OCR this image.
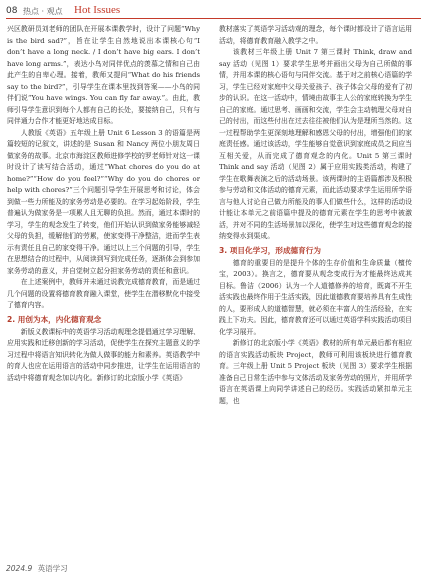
08 热点 · 观点 Hot Issues

兴区教研员刘老师的团队在开展本课教学时，设计了问题“Why is the bird sad?”，旨在让学生自然地说出本课核心句“I don’t have a long neck. / I don’t have big ears. I don’t have long arms.”，表达小鸟对同伴优点的羡慕之情和自己由此产生的自卑心理。接着，教师又提问“What do his friends say to the bird?”，引导学生在课本里找到答案——小鸟的同伴们说“You have wings. You can fly far away.”。由此，教师引导学生意识到每个人都有自己的长处，要接纳自己，只有与同伴通力合作才能更好地达成目标。

人教版《英语》五年级上册 Unit 6 Lesson 3 的语篇是两篇较短的记叙文，讲述的是 Susan 和 Nancy 两位小朋友周日做家务的故事。北京市海淀区教师进修学校的罗老师针对这一课时设计了读写结合活动，通过“What chores do you do at home?”“How do you feel?”“Why do you do chores or help with chores?”三个问题引导学生开展思考和讨论，体会到做一些力所能及的家务劳动是必要的。在学习起始阶段，学生普遍认为做家务是一项累人且无聊的负担。然而，通过本课时的学习，学生的观念发生了转变，他们开始认识到做家务能够减轻父母的负担，缓解他们的劳累，使家变得干净整洁，进而学生表示有责任且自己的家变得干净。通过以上三个问题的引导，学生在思想结合的过程中，从阅读到写到完成任务，逐渐体会到参加家务劳动的意义，并自觉树立起分担家务劳动的责任和意识。

在上述案例中，教师并未通过说教完成德育教育，而是通过几个问题的设置将德育教育融入课堂，使学生在潜移默化中接受了德育内容。

2. 用创为本，内化德育观念

新版义教课标中的英语学习活动观理念提倡通过学习理解、应用实践和迁移创新的学习活动，促使学生在探究主题意义的学习过程中将语言知识转化为做人做事的能力和素养。英语教学中的育人也应在运用语言的活动中同步推进，让学生在运用语言的活动中将德育观念加以内化。新修订的北京版小学《英语》

教材落实了英语学习活动观的理念，每个课时都设计了语言运用活动，将德育教育融入教学之中。

该教材三年级上册 Unit 7 第三课时 Think, draw and say 活动（见图 1）要求学生思考并画出父母为自己所做的事情，并用本课的核心语句与同伴交流。基于对之前核心语篇的学习，学生已经对家庭中父母关爱孩子、孩子体会父母的爱有了初步的认识。在这一活动中，情境由故事主人公的家庭转换为学生自己的家庭。通过思考、画画和交流，学生会主动梳理父母对自己的付出，而这些付出在过去往往被他们认为是理所当然的。这一过程帮助学生更深刻地理解和感恩父母的付出，增强他们的家庭责任感。通过该活动，学生能够自觉意识到家庭成员之间应当互相关爱，从而完成了德育观念的内化。Unit 5 第三课时 Think and say 活动（见图 2）属于应用实践类活动，构建了学生在歌舞表演之后的活动场景。该两课时的主语篇都涉及积极参与劳动和文体活动的德育元素，而此活动要求学生运用所学语言与他人讨论自己做力所能及的事人们做些什么，这样的活动设计能让本单元之前语篇中提及的德育元素在学生的思考中被激活，并对不同的生活场景加以深化，使学生对这些德育观念的接纳变得水到渠成。

3. 项目化学习，形成德育行为

德育的重要目的是提升个体的生存价值和生命质量（檀传宝，2003）。换言之，德育要从观念变成行为才能最终达成其目标。鲁洁（2006）认为一个人道德修养的培育，既离不开生活实践也最终作用于生活实践，因此道德教育要培养具有生成性的人，要形成人的道德智慧，就必须在丰富人的生活经验，在实践上下功夫。因此，德育教育还可以通过英语学科实践活动项目化学习展开。

新修订的北京版小学《英语》教材的所有单元最后都有相应的语言实践活动板块 Project，教师可利用该板块进行德育教育。三年级上册 Unit 5 Project 板块（见图 3）要求学生根据准备自己日常生活中参与文体活动及家务劳动的照片，并用所学语言在英语课上向同学讲述自己的经历。实践活动紧扣单元主题，也

2024.9 英语学习
